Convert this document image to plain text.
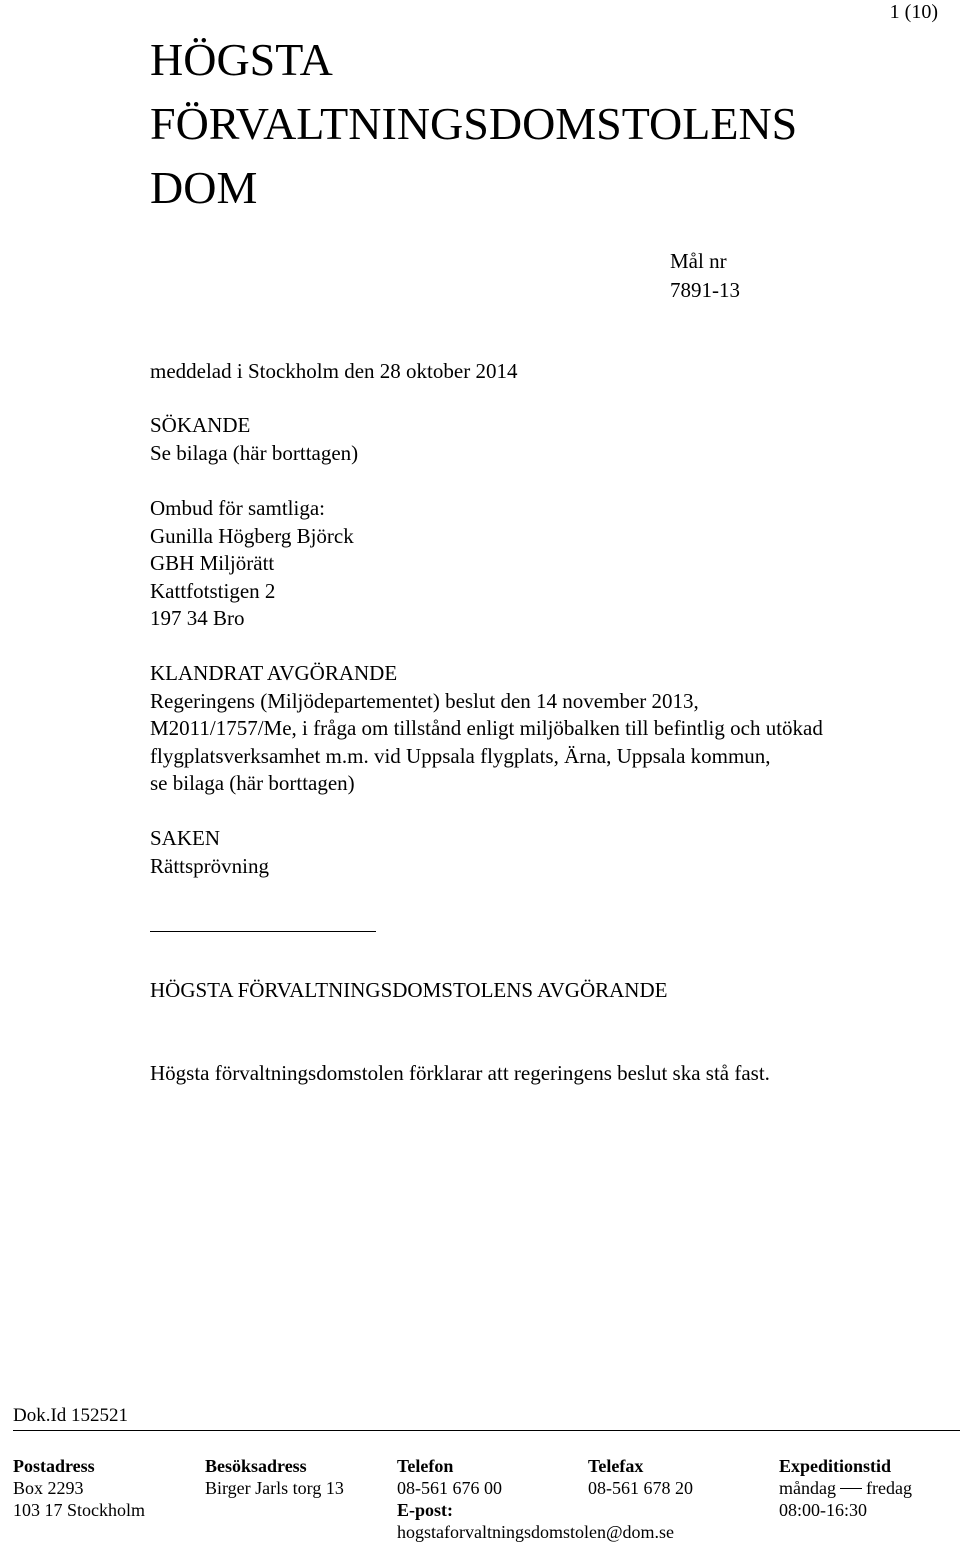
1 (10)
HÖGSTA
FÖRVALTNINGSDOMSTOLENS
DOM
Mål nr
7891-13
meddelad i Stockholm den 28 oktober 2014
SÖKANDE
Se bilaga (här borttagen)
Ombud för samtliga:
Gunilla Högberg Björck
GBH Miljörätt
Kattfotstigen 2
197 34 Bro
KLANDRAT AVGÖRANDE
Regeringens (Miljödepartementet) beslut den 14 november 2013,
M2011/1757/Me, i fråga om tillstånd enligt miljöbalken till befintlig och utökad
flygplatsverksamhet m.m. vid Uppsala flygplats, Ärna, Uppsala kommun,
se bilaga (här borttagen)
SAKEN
Rättsprövning
HÖGSTA FÖRVALTNINGSDOMSTOLENS AVGÖRANDE
Högsta förvaltningsdomstolen förklarar att regeringens beslut ska stå fast.
Dok.Id 152521
Postadress
Box 2293
103 17 Stockholm
Besöksadress
Birger Jarls torg 13
Telefon
08-561 676 00
E-post:
hogstaforvaltningsdomstolen@dom.se
Telefax
08-561 678 20
Expeditionstid
måndag fredag
08:00-16:30
